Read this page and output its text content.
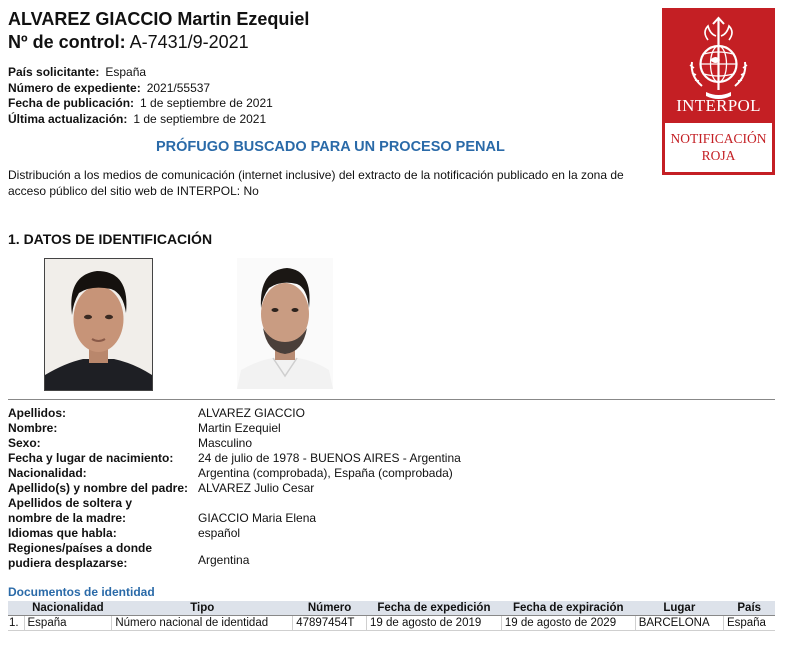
ALVAREZ GIACCIO Martin Ezequiel
Nº de control: A-7431/9-2021
País solicitante: España
Número de expediente: 2021/55537
Fecha de publicación: 1 de septiembre de 2021
Última actualización: 1 de septiembre de 2021
PRÓFUGO BUSCADO PARA UN PROCESO PENAL
Distribución a los medios de comunicación (internet inclusive) del extracto de la notificación publicado en la zona de acceso público del sitio web de INTERPOL: No
INTERPOL
NOTIFICACIÓN
ROJA
1. DATOS DE IDENTIFICACIÓN
Apellidos:	ALVAREZ GIACCIO
Nombre:	Martin Ezequiel
Sexo:	Masculino
Fecha y lugar de nacimiento: 24 de julio de 1978 - BUENOS AIRES - Argentina
Nacionalidad:	Argentina (comprobada), España (comprobada)
Apellido(s) y nombre del padre: ALVAREZ Julio Cesar
Apellidos de soltera y nombre de la madre:	GIACCIO Maria Elena
Idiomas que habla:	español
Regiones/países a donde pudiera desplazarse:	Argentina
Documentos de identidad
	Nacionalidad	Tipo	Número	Fecha de expedición	Fecha de expiración	Lugar	País
1.	España	Número nacional de identidad	47897454T	19 de agosto de 2019	19 de agosto de 2029	BARCELONA	España
